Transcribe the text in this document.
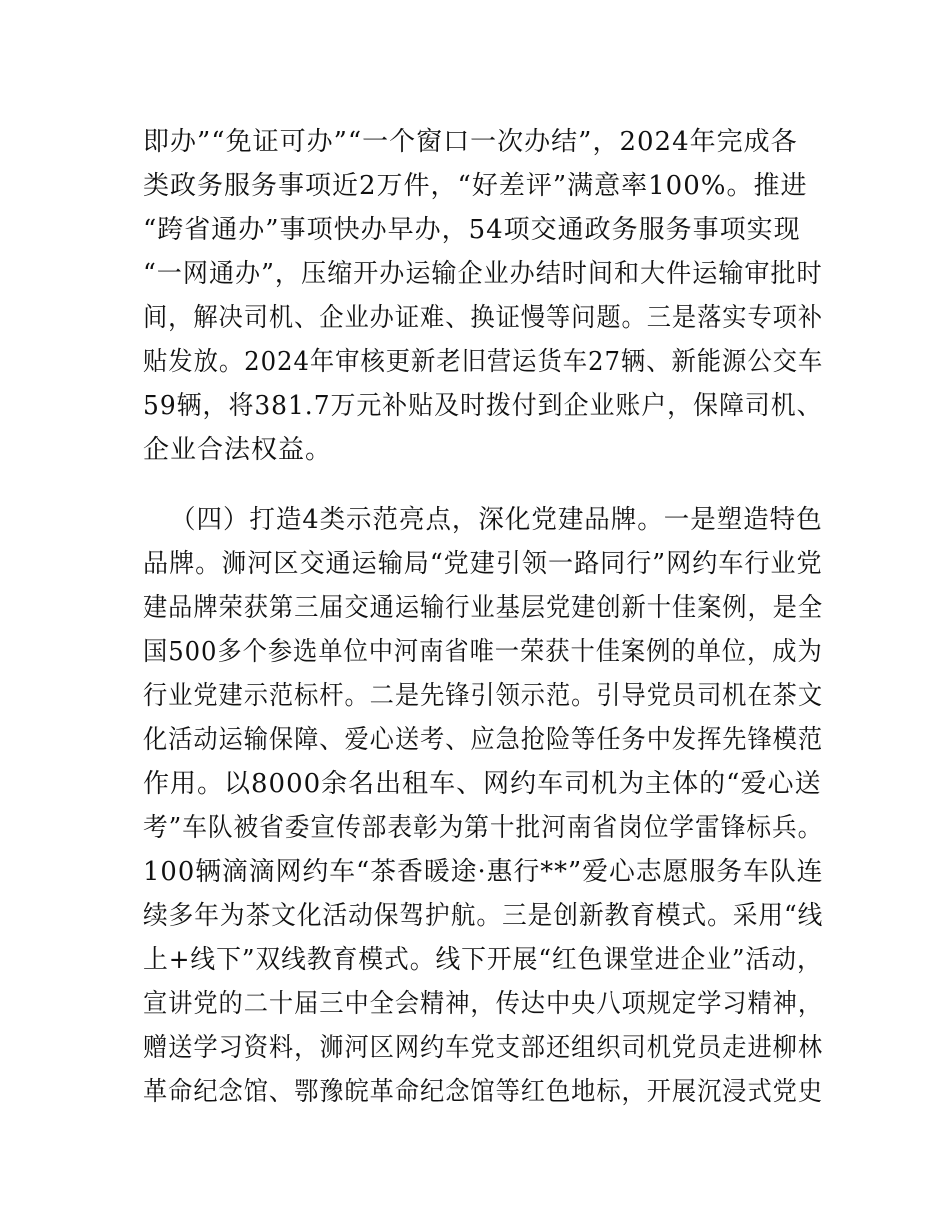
即办”“免证可办”“一个窗口一次办结”，2024年完成各
类政务服务事项近2万件，“好差评”满意率100%。推进
“跨省通办”事项快办早办，54项交通政务服务事项实现
“一网通办”，压缩开办运输企业办结时间和大件运输审批时
间，解决司机、企业办证难、换证慢等问题。三是落实专项补
贴发放。2024年审核更新老旧营运货车27辆、新能源公交车
59辆，将381.7万元补贴及时拨付到企业账户，保障司机、
企业合法权益。
（四）打造4类示范亮点，深化党建品牌。一是塑造特色
品牌。浉河区交通运输局“党建引领一路同行”网约车行业党
建品牌荣获第三届交通运输行业基层党建创新十佳案例，是全
国500多个参选单位中河南省唯一荣获十佳案例的单位，成为
行业党建示范标杆。二是先锋引领示范。引导党员司机在茶文
化活动运输保障、爱心送考、应急抢险等任务中发挥先锋模范
作用。以8000余名出租车、网约车司机为主体的“爱心送
考”车队被省委宣传部表彰为第十批河南省岗位学雷锋标兵。
100辆滴滴网约车“茶香暖途·惠行**”爱心志愿服务车队连
续多年为茶文化活动保驾护航。三是创新教育模式。采用“线
上+线下”双线教育模式。线下开展“红色课堂进企业”活动，
宣讲党的二十届三中全会精神，传达中央八项规定学习精神，
赠送学习资料，浉河区网约车党支部还组织司机党员走进柳林
革命纪念馆、鄂豫皖革命纪念馆等红色地标，开展沉浸式党史
